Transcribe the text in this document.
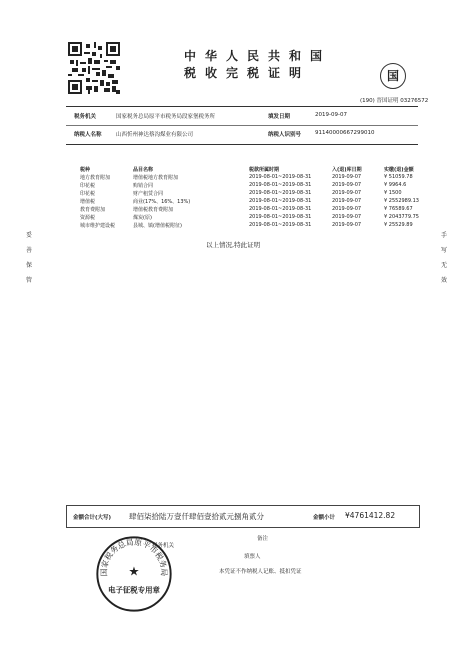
中华人民共和国
税收完税证明	国
(190) 晋国证明 03276572
税务机关	国家税务总局原平市税务局段家堡税务所	填发日期	2019-09-07
纳税人名称	山西忻州神达蔡沟煤业有限公司	纳税人识别号	91140000667299010
税种	品目名称	税款所属时期	入(退)库日期	实缴(退)金额
地方教育附加	增值税地方教育附加	2019-08-01~2019-08-31	2019-09-07	¥ 51059.78
印花税	购销合同	2019-08-01~2019-08-31	2019-09-07	¥ 9964.6
印花税	财产租赁合同	2019-08-01~2019-08-31	2019-09-07	¥ 1500
增值税	商业(17%、16%、13%)	2019-08-01~2019-08-31	2019-09-07	¥ 2552989.13
教育费附加	增值税教育费附加	2019-08-01~2019-08-31	2019-09-07	¥ 76589.67
资源税	煤炭(原)	2019-08-01~2019-08-31	2019-09-07	¥ 2043779.75
城市维护建设税	县城、镇(增值税附征)	2019-08-01~2019-08-31	2019-09-07	¥ 25529.89
以上情况,特此证明
妥善保管
手写无效
金额合计(大写) 肆佰柒拾陆万壹仟肆佰壹拾贰元捌角贰分	金额小计 ¥4761412.82
税务机关
备注
填票人
本凭证不作纳税人记账、抵扣凭证
国家税务总局原平市税务局
★
电子征税专用章
